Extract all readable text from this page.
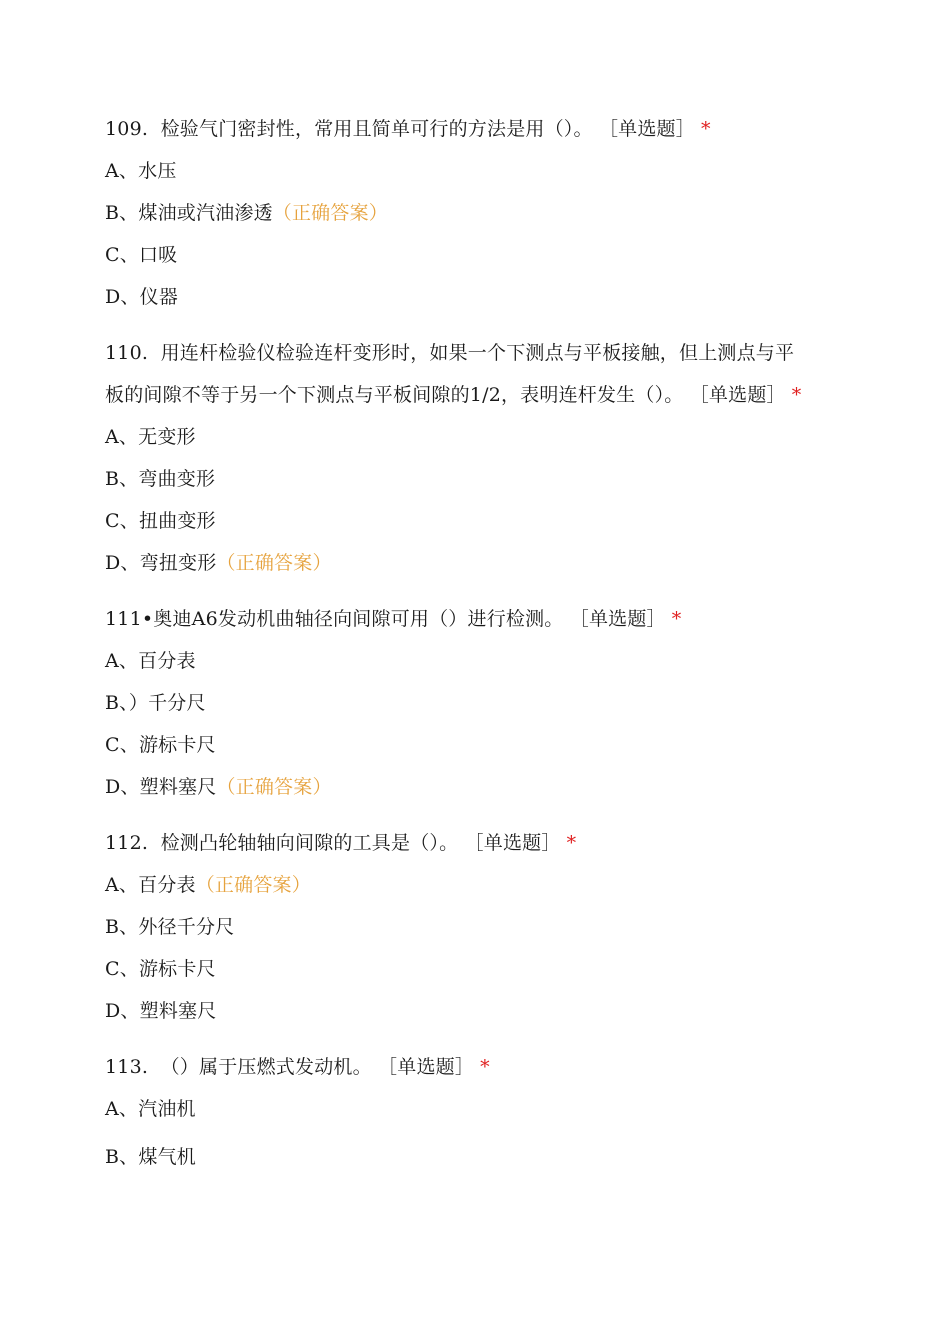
109. 检验气门密封性，常用且简单可行的方法是用（）。 ［单选题］ *

A、水压

B、煤油或汽油渗透（正确答案）

C、口吸

D、仪器

110. 用连杆检验仪检验连杆变形时，如果一个下测点与平板接触，但上测点与平

板的间隙不等于另一个下测点与平板间隙的1/2，表明连杆发生（）。 ［单选题］ *

A、无变形

B、弯曲变形

C、扭曲变形

D、弯扭变形（正确答案）

111•奥迪A6发动机曲轴径向间隙可用（）进行检测。 ［单选题］ *

A、百分表

B、）千分尺

C、游标卡尺

D、塑料塞尺（正确答案）

112. 检测凸轮轴轴向间隙的工具是（）。 ［单选题］ *

A、百分表（正确答案）

B、外径千分尺

C、游标卡尺

D、塑料塞尺

113. （）属于压燃式发动机。 ［单选题］ *

A、汽油机

B、煤气机
